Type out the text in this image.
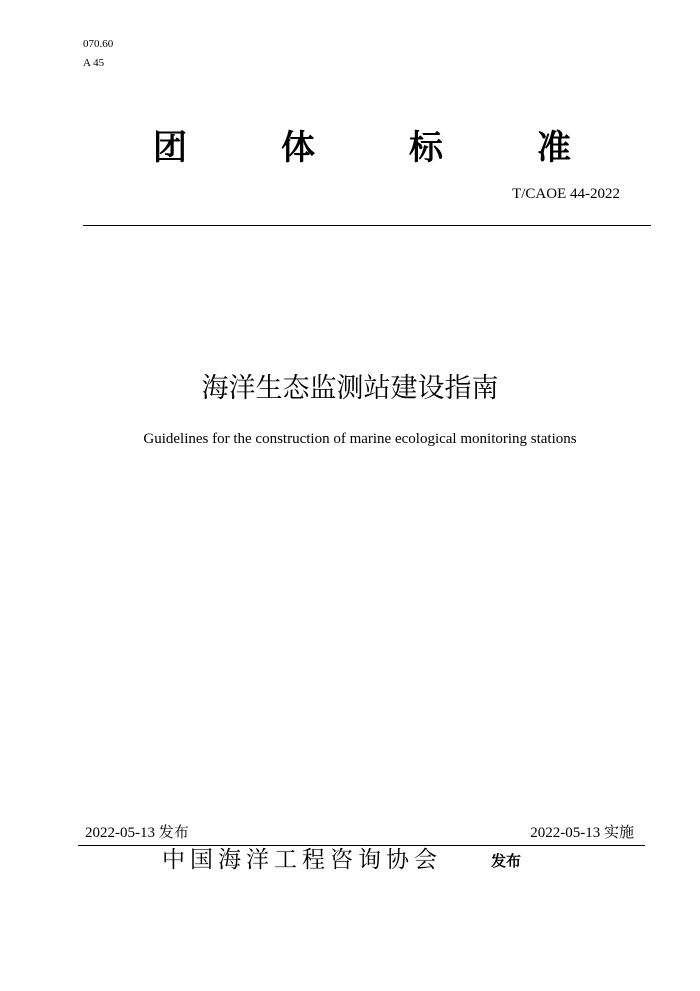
070.60
A 45
团	体	标	准
T/CAOE 44-2022
海洋生态监测站建设指南
Guidelines for the construction of marine ecological monitoring stations
2022-05-13 发布	2022-05-13 实施
中国海洋工程咨询协会	发布
